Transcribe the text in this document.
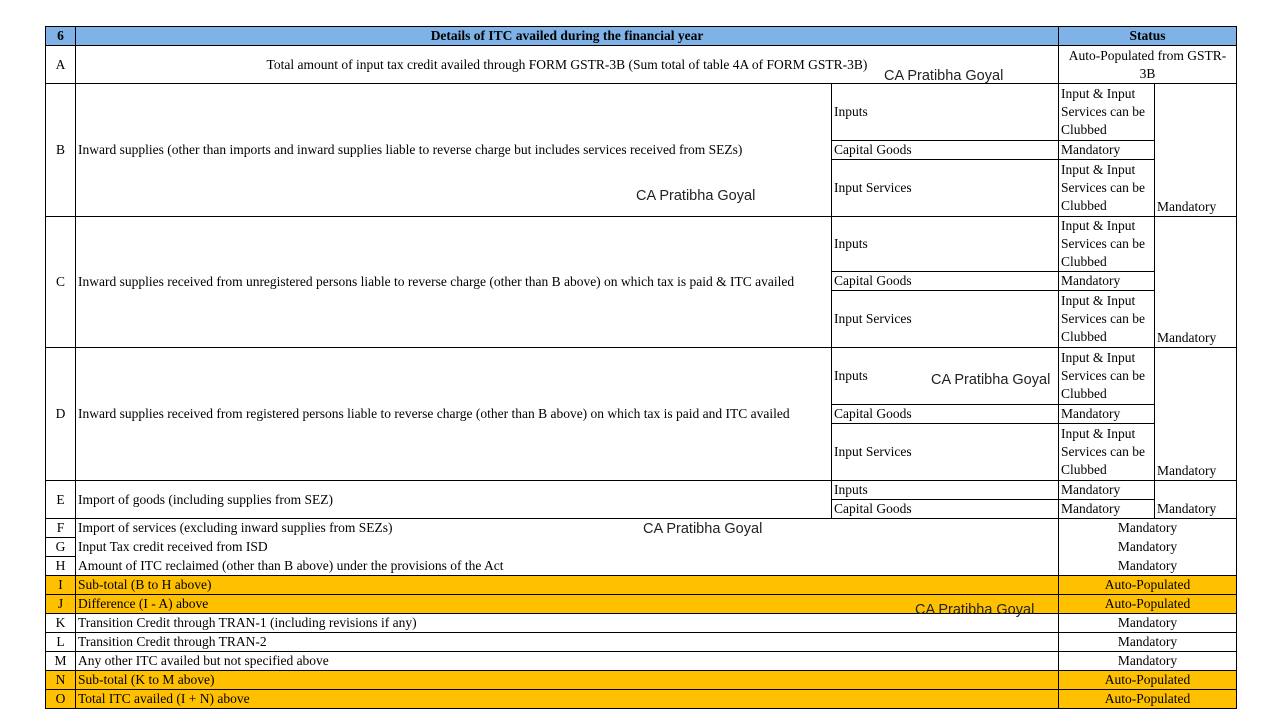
6	Details of ITC availed during the financial year		Status	
A	Total amount of input tax credit availed through FORM GSTR-3B (Sum total of table 4A of FORM GSTR-3B)		Auto-Populated from GSTR-3B	
B	Inward supplies (other than imports and inward supplies liable to reverse charge but includes services received from SEZs)	Inputs	Input & Input Services can be Clubbed	Mandatory
		Capital Goods	Mandatory	
		Input Services	Input & Input Services can be Clubbed	
C	Inward supplies received from unregistered persons liable to reverse charge (other than B above) on which tax is paid & ITC availed	Inputs	Input & Input Services can be Clubbed	Mandatory
		Capital Goods	Mandatory	
		Input Services	Input & Input Services can be Clubbed	
D	Inward supplies received from registered persons liable to reverse charge (other than B above) on which tax is paid and ITC availed	Inputs	Input & Input Services can be Clubbed	Mandatory
		Capital Goods	Mandatory	
		Input Services	Input & Input Services can be Clubbed	
E	Import of goods (including supplies from SEZ)	Inputs	Mandatory	Mandatory
		Capital Goods	Mandatory	
F	Import of services (excluding inward supplies from SEZs)		Mandatory	
G	Input Tax credit received from ISD		Mandatory	
H	Amount of ITC reclaimed (other than B above) under the provisions of the Act		Mandatory	
I	Sub-total (B to H above)		Auto-Populated	
J	Difference (I - A) above		Auto-Populated	
K	Transition Credit through TRAN-1 (including revisions if any)		Mandatory	
L	Transition Credit through TRAN-2		Mandatory	
M	Any other ITC availed but not specified above		Mandatory	
N	Sub-total (K to M above)		Auto-Populated	
O	Total ITC availed (I + N) above		Auto-Populated	
CA Pratibha Goyal
CA Pratibha Goyal
CA Pratibha Goyal
CA Pratibha Goyal
CA Pratibha Goyal
